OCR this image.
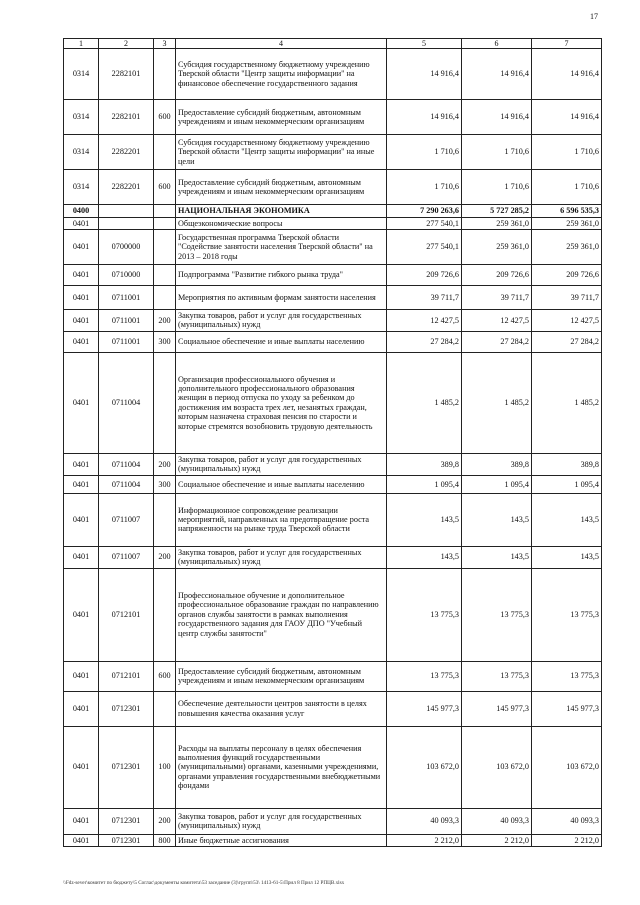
17
1	2	3	4	5	6	7
0314	2282101		Субсидия государственному бюджетному учреждению Тверской области "Центр защиты информации" на финансовое обеспечение государственного задания	14 916,4	14 916,4	14 916,4
0314	2282101	600	Предоставление субсидий бюджетным, автономным учреждениям и иным некоммерческим организациям	14 916,4	14 916,4	14 916,4
0314	2282201		Субсидия государственному бюджетному учреждению Тверской области "Центр защиты информации" на иные цели	1 710,6	1 710,6	1 710,6
0314	2282201	600	Предоставление субсидий бюджетным, автономным учреждениям и иным некоммерческим организациям	1 710,6	1 710,6	1 710,6
0400			НАЦИОНАЛЬНАЯ ЭКОНОМИКА	7 290 263,6	5 727 285,2	6 596 535,3
0401			Общеэкономические вопросы	277 540,1	259 361,0	259 361,0
0401	0700000		Государственная программа Тверской области "Содействие занятости населения Тверской области" на 2013 – 2018 годы	277 540,1	259 361,0	259 361,0
0401	0710000		Подпрограмма "Развитие гибкого рынка труда"	209 726,6	209 726,6	209 726,6
0401	0711001		Мероприятия по активным формам занятости населения	39 711,7	39 711,7	39 711,7
0401	0711001	200	Закупка товаров, работ и услуг для государственных (муниципальных) нужд	12 427,5	12 427,5	12 427,5
0401	0711001	300	Социальное обеспечение и иные выплаты населению	27 284,2	27 284,2	27 284,2
0401	0711004		Организация профессионального обучения и дополнительного профессионального образования женщин в период отпуска по уходу за ребенком до достижения им возраста трех лет, незанятых граждан, которым назначена страховая пенсия по старости и которые стремятся возобновить трудовую деятельность	1 485,2	1 485,2	1 485,2
0401	0711004	200	Закупка товаров, работ и услуг для государственных (муниципальных) нужд	389,8	389,8	389,8
0401	0711004	300	Социальное обеспечение и иные выплаты населению	1 095,4	1 095,4	1 095,4
0401	0711007		Информационное сопровождение реализации мероприятий, направленных на предотвращение роста напряженности на рынке труда Тверской области	143,5	143,5	143,5
0401	0711007	200	Закупка товаров, работ и услуг для государственных (муниципальных) нужд	143,5	143,5	143,5
0401	0712101		Профессиональное обучение и дополнительное профессиональное образование граждан по направлению органов службы занятости в рамках выполнения государственного задания для ГАОУ ДПО "Учебный центр службы занятости"	13 775,3	13 775,3	13 775,3
0401	0712101	600	Предоставление субсидий бюджетным, автономным учреждениям и иным некоммерческим организациям	13 775,3	13 775,3	13 775,3
0401	0712301		Обеспечение деятельности центров занятости в целях повышения качества оказания услуг	145 977,3	145 977,3	145 977,3
0401	0712301	100	Расходы на выплаты персоналу в целях обеспечения выполнения функций государственными (муниципальными) органами, казенными учреждениями, органами управления государственными внебюджетными фондами	103 672,0	103 672,0	103 672,0
0401	0712301	200	Закупка товаров, работ и услуг для государственных (муниципальных) нужд	40 093,3	40 093,3	40 093,3
0401	0712301	800	Иные бюджетные ассигнования	2 212,0	2 212,0	2 212,0
\\Fdz-sever\комитет по бюджету\5 Соглас\документы комитета\53 заседание (3)\групп\53\ 1413-61-5\Прил 8 Прил 12 РПЦВ.xlsx
